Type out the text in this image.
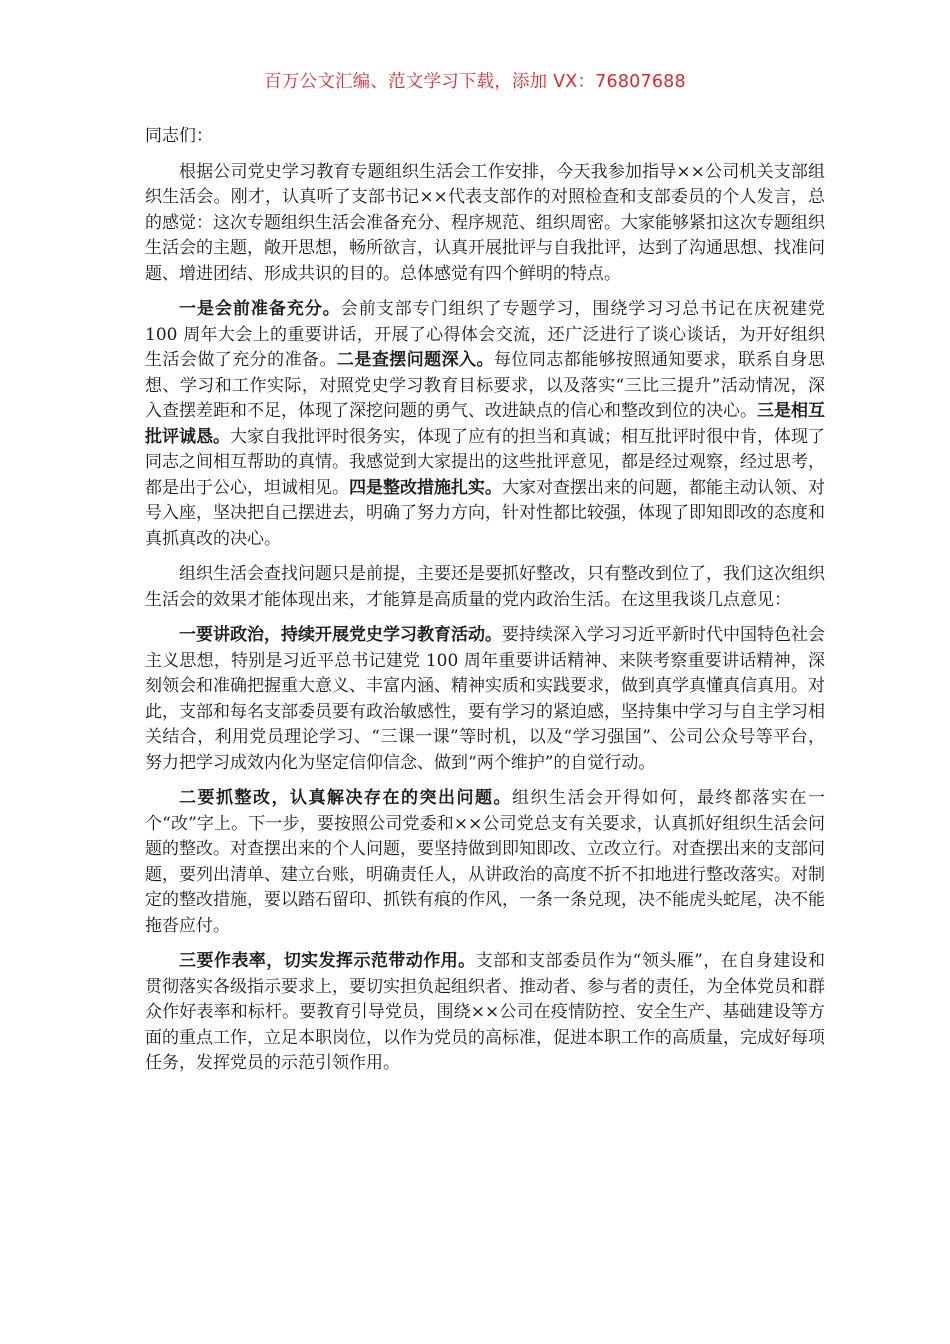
百万公文汇编、范文学习下载，添加 VX：76807688

同志们：

根据公司党史学习教育专题组织生活会工作安排，今天我参加指导××公司机关支部组织生活会。刚才，认真听了支部书记××代表支部作的对照检查和支部委员的个人发言，总的感觉：这次专题组织生活会准备充分、程序规范、组织周密。大家能够紧扣这次专题组织生活会的主题，敞开思想，畅所欲言，认真开展批评与自我批评，达到了沟通思想、找准问题、增进团结、形成共识的目的。总体感觉有四个鲜明的特点。

一是会前准备充分。会前支部专门组织了专题学习，围绕学习习总书记在庆祝建党 100 周年大会上的重要讲话，开展了心得体会交流，还广泛进行了谈心谈话，为开好组织生活会做了充分的准备。二是查摆问题深入。每位同志都能够按照通知要求，联系自身思想、学习和工作实际，对照党史学习教育目标要求，以及落实“三比三提升”活动情况，深入查摆差距和不足，体现了深挖问题的勇气、改进缺点的信心和整改到位的决心。三是相互批评诚恳。大家自我批评时很务实，体现了应有的担当和真诚；相互批评时很中肯，体现了同志之间相互帮助的真情。我感觉到大家提出的这些批评意见，都是经过观察，经过思考，都是出于公心，坦诚相见。四是整改措施扎实。大家对查摆出来的问题，都能主动认领、对号入座，坚决把自己摆进去，明确了努力方向，针对性都比较强，体现了即知即改的态度和真抓真改的决心。

组织生活会查找问题只是前提，主要还是要抓好整改，只有整改到位了，我们这次组织生活会的效果才能体现出来，才能算是高质量的党内政治生活。在这里我谈几点意见：

一要讲政治，持续开展党史学习教育活动。要持续深入学习习近平新时代中国特色社会主义思想，特别是习近平总书记建党 100 周年重要讲话精神、来陕考察重要讲话精神，深刻领会和准确把握重大意义、丰富内涵、精神实质和实践要求，做到真学真懂真信真用。对此，支部和每名支部委员要有政治敏感性，要有学习的紧迫感，坚持集中学习与自主学习相关结合，利用党员理论学习、“三课一课”等时机，以及“学习强国”、公司公众号等平台，努力把学习成效内化为坚定信仰信念、做到“两个维护”的自觉行动。

二要抓整改，认真解决存在的突出问题。组织生活会开得如何，最终都落实在一个“改”字上。下一步，要按照公司党委和××公司党总支有关要求，认真抓好组织生活会问题的整改。对查摆出来的个人问题，要坚持做到即知即改、立改立行。对查摆出来的支部问题，要列出清单、建立台账，明确责任人，从讲政治的高度不折不扣地进行整改落实。对制定的整改措施，要以踏石留印、抓铁有痕的作风，一条一条兑现，决不能虎头蛇尾，决不能拖沓应付。

三要作表率，切实发挥示范带动作用。支部和支部委员作为“领头雁”，在自身建设和贯彻落实各级指示要求上，要切实担负起组织者、推动者、参与者的责任，为全体党员和群众作好表率和标杆。要教育引导党员，围绕××公司在疫情防控、安全生产、基础建设等方面的重点工作，立足本职岗位，以作为党员的高标准，促进本职工作的高质量，完成好每项任务，发挥党员的示范引领作用。
